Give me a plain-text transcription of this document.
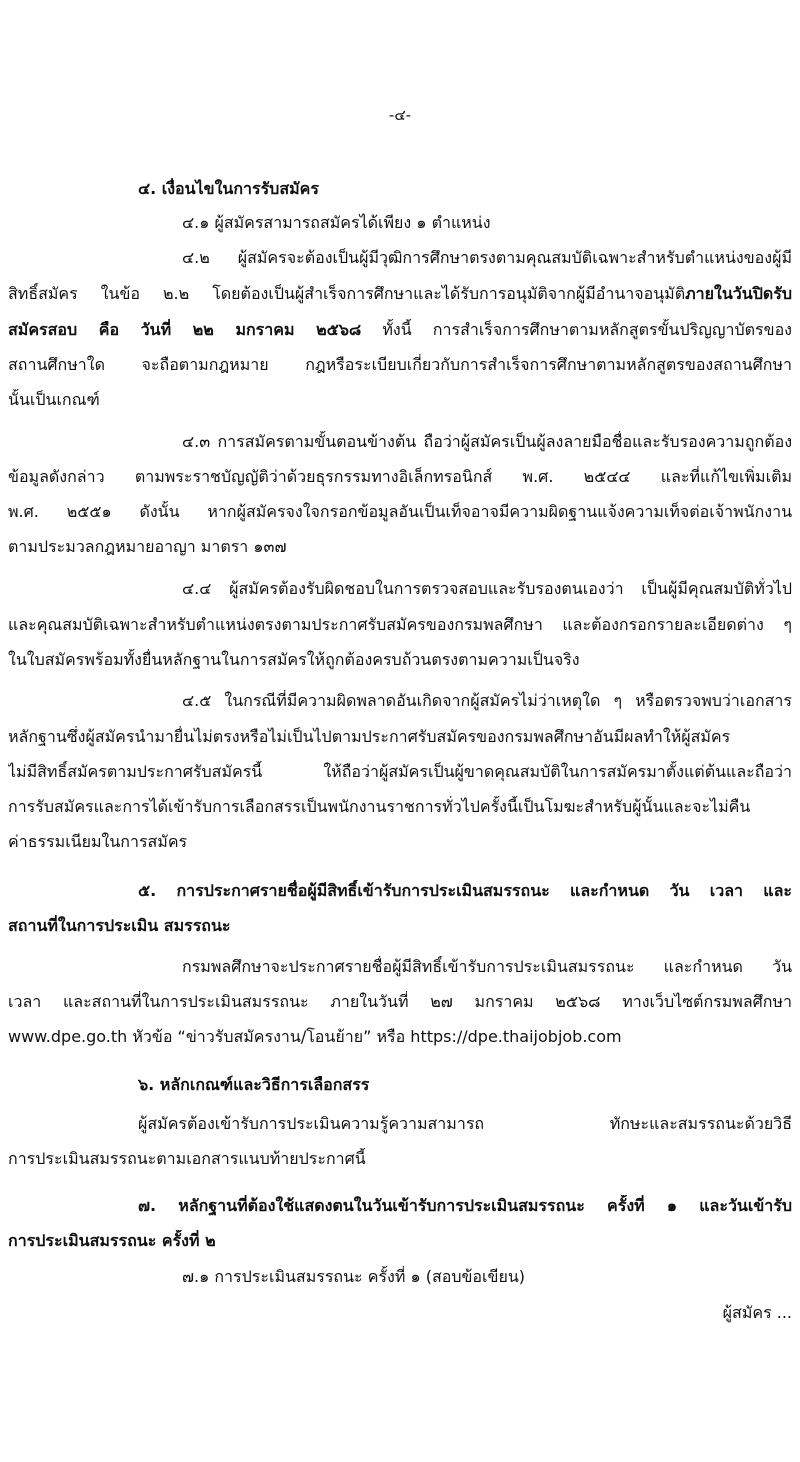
-๔-
๔. เงื่อนไขในการรับสมัคร
๔.๑ ผู้สมัครสามารถสมัครได้เพียง ๑ ตำแหน่ง
๔.๒ ผู้สมัครจะต้องเป็นผู้มีวุฒิการศึกษาตรงตามคุณสมบัติเฉพาะสำหรับตำแหน่งของผู้มี
สิทธิ์สมัคร ในข้อ ๒.๒ โดยต้องเป็นผู้สำเร็จการศึกษาและได้รับการอนุมัติจากผู้มีอำนาจอนุมัติภายในวันปิดรับ
สมัครสอบ คือ วันที่ ๒๒ มกราคม ๒๕๖๘ ทั้งนี้ การสำเร็จการศึกษาตามหลักสูตรขั้นปริญญาบัตรของ
สถานศึกษาใด จะถือตามกฎหมาย กฎหรือระเบียบเกี่ยวกับการสำเร็จการศึกษาตามหลักสูตรของสถานศึกษา
นั้นเป็นเกณฑ์
๔.๓ การสมัครตามขั้นตอนข้างต้น ถือว่าผู้สมัครเป็นผู้ลงลายมือชื่อและรับรองความถูกต้อง
ข้อมูลดังกล่าว ตามพระราชบัญญัติว่าด้วยธุรกรรมทางอิเล็กทรอนิกส์ พ.ศ. ๒๕๔๔ และที่แก้ไขเพิ่มเติม
พ.ศ. ๒๕๕๑ ดังนั้น หากผู้สมัครจงใจกรอกข้อมูลอันเป็นเท็จอาจมีความผิดฐานแจ้งความเท็จต่อเจ้าพนักงาน
ตามประมวลกฎหมายอาญา มาตรา ๑๓๗
๔.๔ ผู้สมัครต้องรับผิดชอบในการตรวจสอบและรับรองตนเองว่า เป็นผู้มีคุณสมบัติทั่วไป
และคุณสมบัติเฉพาะสำหรับตำแหน่งตรงตามประกาศรับสมัครของกรมพลศึกษา และต้องกรอกรายละเอียดต่าง ๆ
ในใบสมัครพร้อมทั้งยื่นหลักฐานในการสมัครให้ถูกต้องครบถ้วนตรงตามความเป็นจริง
๔.๕ ในกรณีที่มีความผิดพลาดอันเกิดจากผู้สมัครไม่ว่าเหตุใด ๆ หรือตรวจพบว่าเอกสาร
หลักฐานซึ่งผู้สมัครนำมายื่นไม่ตรงหรือไม่เป็นไปตามประกาศรับสมัครของกรมพลศึกษาอันมีผลทำให้ผู้สมัคร
ไม่มีสิทธิ์สมัครตามประกาศรับสมัครนี้ ให้ถือว่าผู้สมัครเป็นผู้ขาดคุณสมบัติในการสมัครมาตั้งแต่ต้นและถือว่า
การรับสมัครและการได้เข้ารับการเลือกสรรเป็นพนักงานราชการทั่วไปครั้งนี้เป็นโมฆะสำหรับผู้นั้นและจะไม่คืน
ค่าธรรมเนียมในการสมัคร
๕. การประกาศรายชื่อผู้มีสิทธิ์เข้ารับการประเมินสมรรถนะ และกำหนด วัน เวลา และ
สถานที่ในการประเมิน สมรรถนะ
กรมพลศึกษาจะประกาศรายชื่อผู้มีสิทธิ์เข้ารับการประเมินสมรรถนะ และกำหนด วัน
เวลา และสถานที่ในการประเมินสมรรถนะ ภายในวันที่ ๒๗ มกราคม ๒๕๖๘ ทางเว็บไซต์กรมพลศึกษา
www.dpe.go.th หัวข้อ “ข่าวรับสมัครงาน/โอนย้าย” หรือ https://dpe.thaijobjob.com
๖. หลักเกณฑ์และวิธีการเลือกสรร
ผู้สมัครต้องเข้ารับการประเมินความรู้ความสามารถ ทักษะและสมรรถนะด้วยวิธี
การประเมินสมรรถนะตามเอกสารแนบท้ายประกาศนี้
๗. หลักฐานที่ต้องใช้แสดงตนในวันเข้ารับการประเมินสมรรถนะ ครั้งที่ ๑ และวันเข้ารับ
การประเมินสมรรถนะ ครั้งที่ ๒
๗.๑ การประเมินสมรรถนะ ครั้งที่ ๑ (สอบข้อเขียน)
ผู้สมัคร ...
